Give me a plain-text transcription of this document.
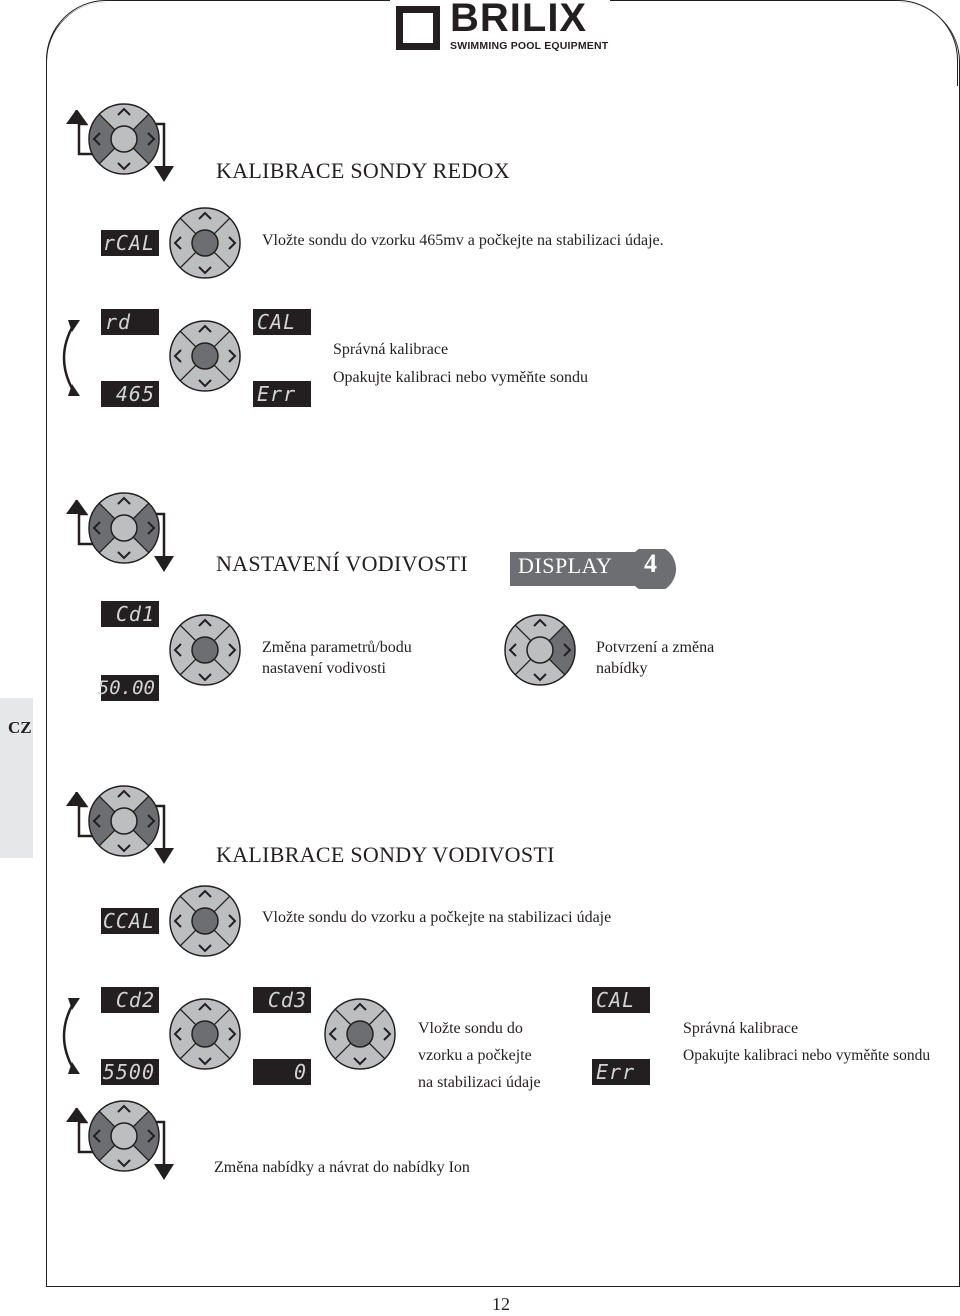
BRILIX
SWIMMING POOL EQUIPMENT
CZ
KALIBRACE SONDY REDOX
rCAL	Vložte sondu do vzorku 465mv a počkejte na stabilizaci údaje.
rd
465
CAL
Err
Správná kalibrace
Opakujte kalibraci nebo vyměňte sondu
NASTAVENÍ VODIVOSTI DISPLAY 4
Cd1
50.00
Změna parametrů/bodu
nastavení vodivosti
Potvrzení a změna
nabídky
KALIBRACE SONDY VODIVOSTI
CCAL	Vložte sondu do vzorku a počkejte na stabilizaci údaje
Cd2
5500
Cd3
0
Vložte sondu do
vzorku a počkejte
na stabilizaci údaje
CAL
Err
Správná kalibrace
Opakujte kalibraci nebo vyměňte sondu
Změna nabídky a návrat do nabídky Ion
12
